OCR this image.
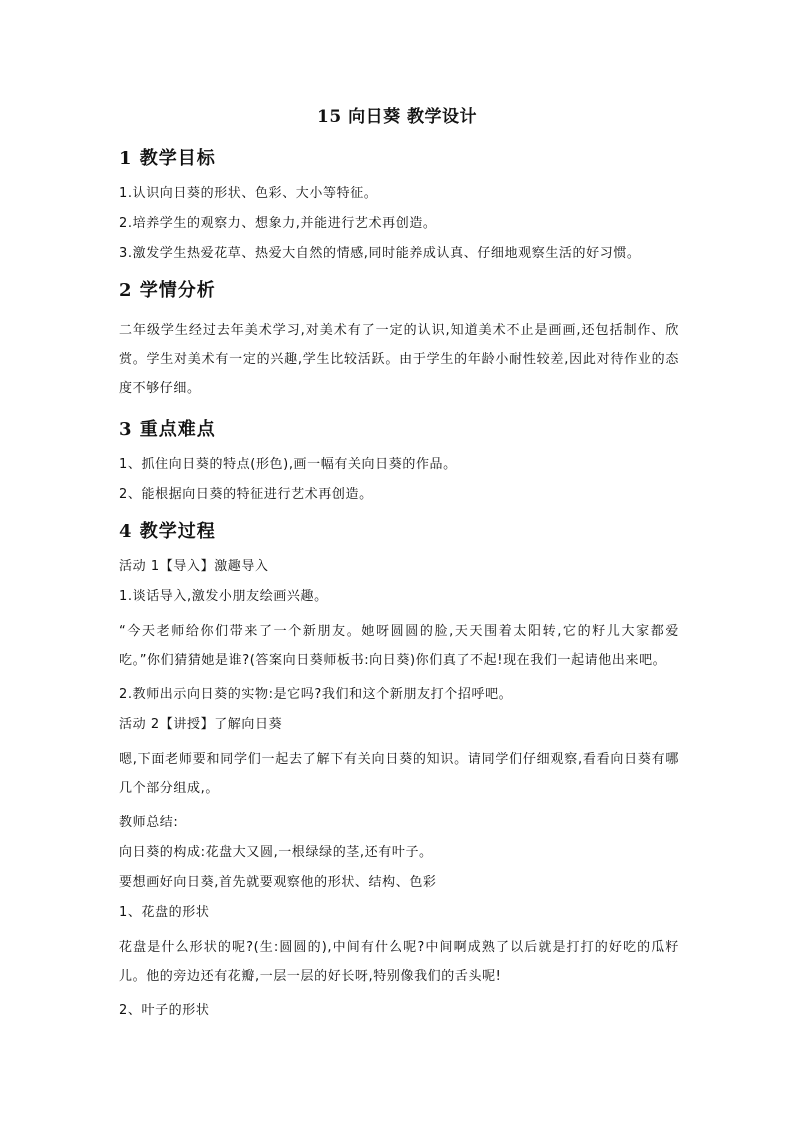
15 向日葵 教学设计
1 教学目标
1.认识向日葵的形状、色彩、大小等特征。
2.培养学生的观察力、想象力,并能进行艺术再创造。
3.激发学生热爱花草、热爱大自然的情感,同时能养成认真、仔细地观察生活的好习惯。
2 学情分析
二年级学生经过去年美术学习,对美术有了一定的认识,知道美术不止是画画,还包括制作、欣赏。学生对美术有一定的兴趣,学生比较活跃。由于学生的年龄小耐性较差,因此对待作业的态度不够仔细。
3 重点难点
1、抓住向日葵的特点(形色),画一幅有关向日葵的作品。
2、能根据向日葵的特征进行艺术再创造。
4 教学过程
活动 1【导入】激趣导入
1.谈话导入,激发小朋友绘画兴趣。
“今天老师给你们带来了一个新朋友。她呀圆圆的脸,天天围着太阳转,它的籽儿大家都爱吃。”你们猜猜她是谁?(答案向日葵师板书:向日葵)你们真了不起!现在我们一起请他出来吧。
2.教师出示向日葵的实物:是它吗?我们和这个新朋友打个招呼吧。
活动 2【讲授】了解向日葵
嗯,下面老师要和同学们一起去了解下有关向日葵的知识。请同学们仔细观察,看看向日葵有哪几个部分组成,。
教师总结:
向日葵的构成:花盘大又圆,一根绿绿的茎,还有叶子。
要想画好向日葵,首先就要观察他的形状、结构、色彩
1、花盘的形状
花盘是什么形状的呢?(生:圆圆的),中间有什么呢?中间啊成熟了以后就是打打的好吃的瓜籽儿。他的旁边还有花瓣,一层一层的好长呀,特别像我们的舌头呢!
2、叶子的形状
